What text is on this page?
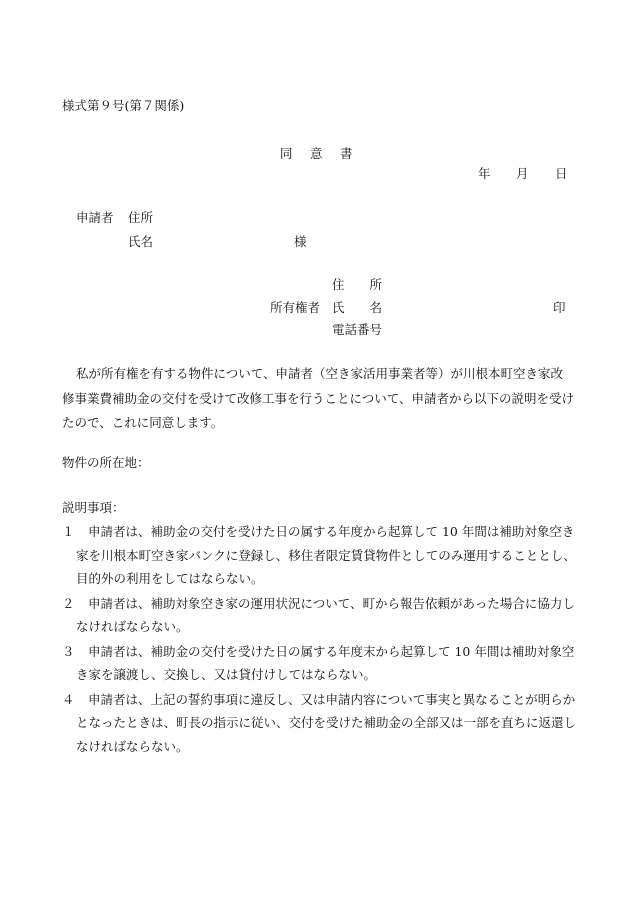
様式第９号(第７関係)
同 意 書
年 月 日
申請者 住所
氏名	様
住　　所
所有権者 氏　　名	印
電話番号
私が所有権を有する物件について、申請者（空き家活用事業者等）が川根本町空き家改修事業費補助金の交付を受けて改修工事を行うことについて、申請者から以下の説明を受けたので、これに同意します。
物件の所在地：
説明事項：
１ 申請者は、補助金の交付を受けた日の属する年度から起算して 10 年間は補助対象空き家を川根本町空き家バンクに登録し、移住者限定賃貸物件としてのみ運用することとし、目的外の利用をしてはならない。
２ 申請者は、補助対象空き家の運用状況について、町から報告依頼があった場合に協力しなければならない。
３ 申請者は、補助金の交付を受けた日の属する年度末から起算して 10 年間は補助対象空き家を譲渡し、交換し、又は貸付けしてはならない。
４ 申請者は、上記の誓約事項に違反し、又は申請内容について事実と異なることが明らかとなったときは、町長の指示に従い、交付を受けた補助金の全部又は一部を直ちに返還しなければならない。
